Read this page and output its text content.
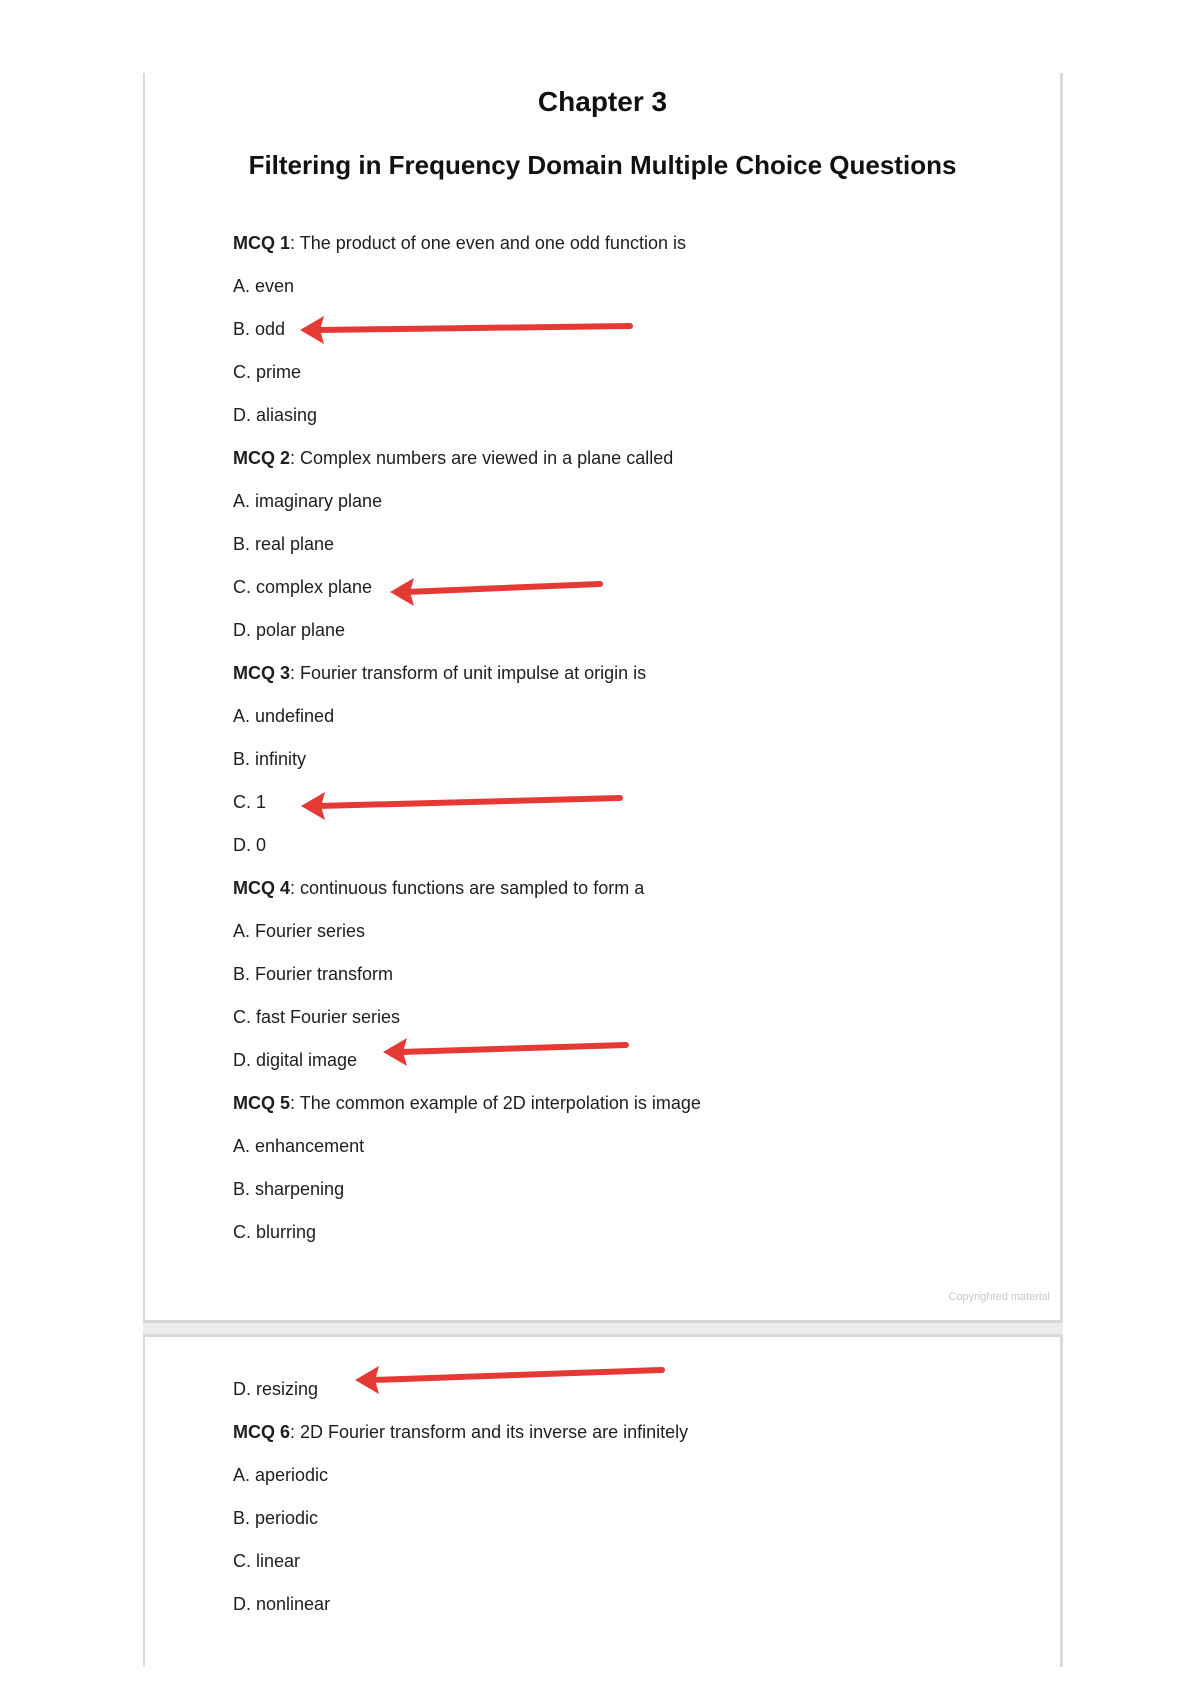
Chapter 3
Filtering in Frequency Domain Multiple Choice Questions
MCQ 1: The product of one even and one odd function is
A. even
B. odd
C. prime
D. aliasing
MCQ 2: Complex numbers are viewed in a plane called
A. imaginary plane
B. real plane
C. complex plane
D. polar plane
MCQ 3: Fourier transform of unit impulse at origin is
A. undefined
B. infinity
C. 1
D. 0
MCQ 4: continuous functions are sampled to form a
A. Fourier series
B. Fourier transform
C. fast Fourier series
D. digital image
MCQ 5: The common example of 2D interpolation is image
A. enhancement
B. sharpening
C. blurring
Copyrighted material
D. resizing
MCQ 6: 2D Fourier transform and its inverse are infinitely
A. aperiodic
B. periodic
C. linear
D. nonlinear
